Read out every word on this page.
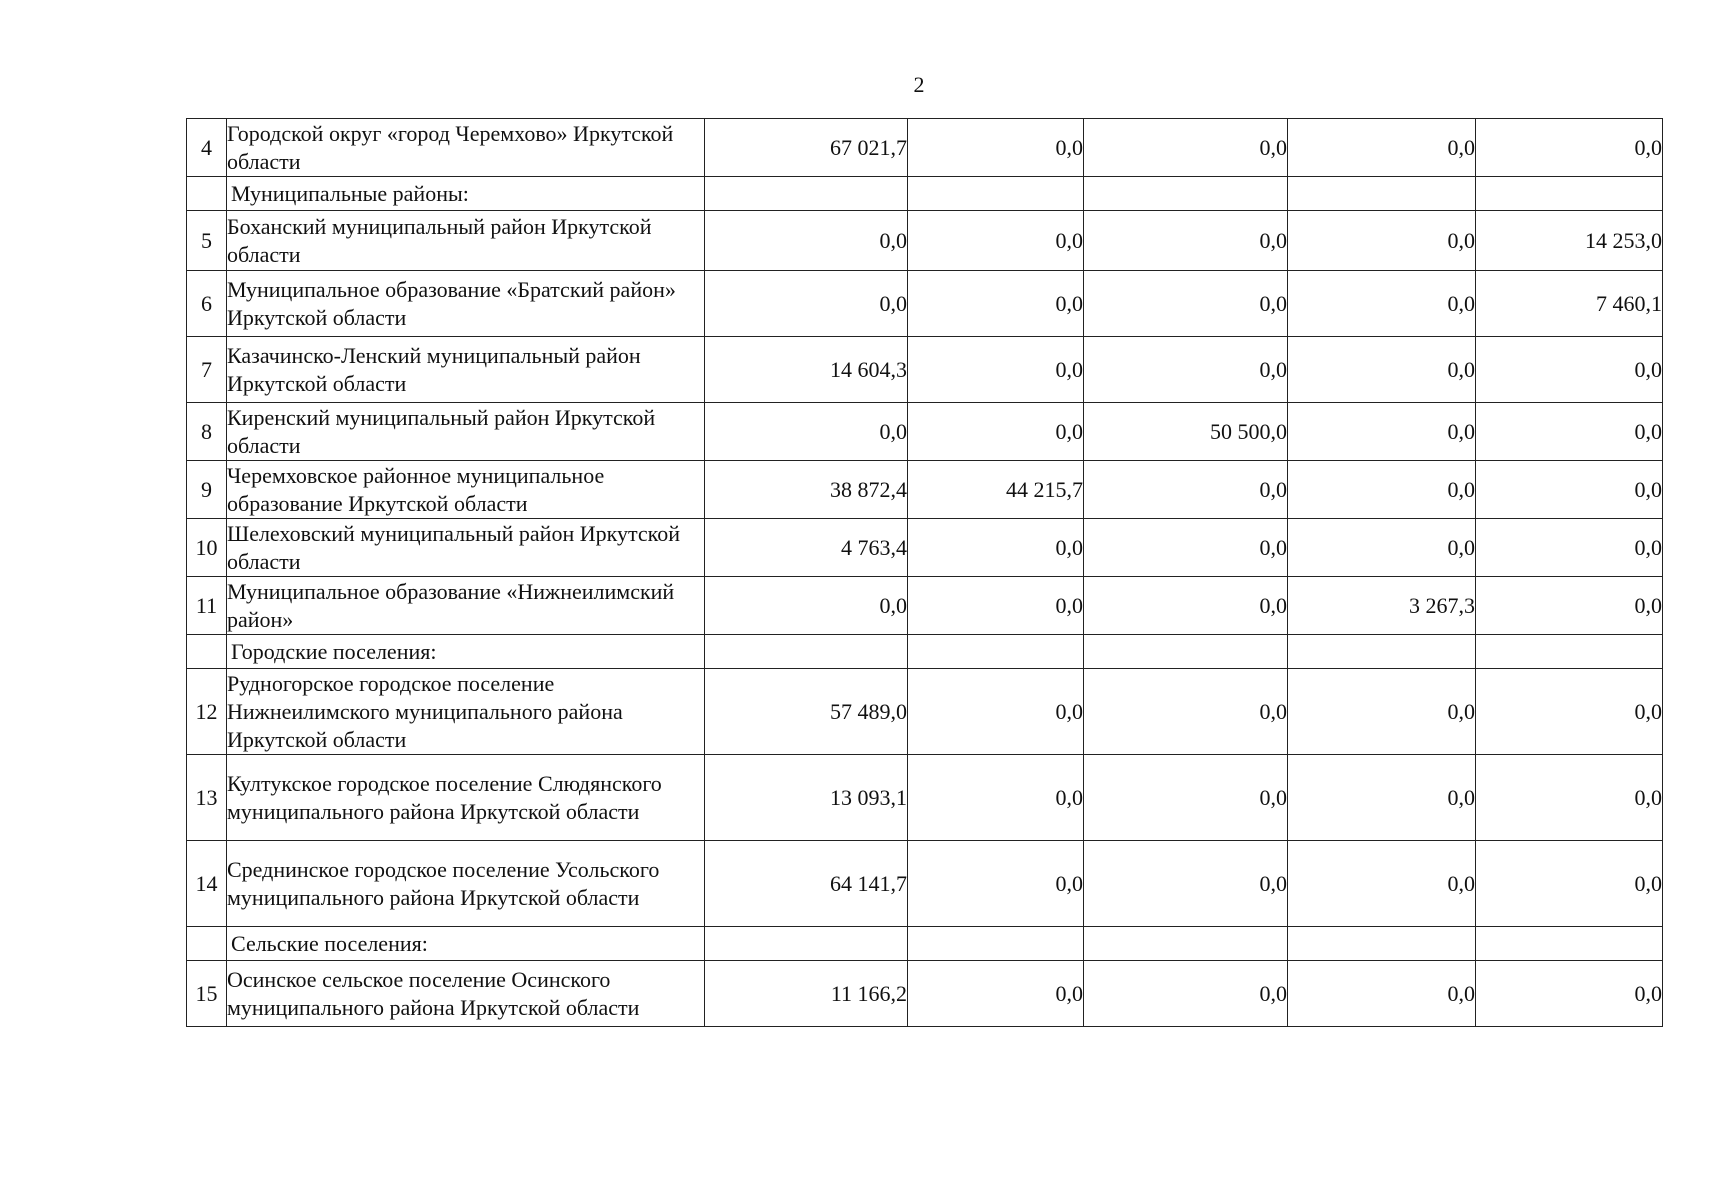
2
4	Городской округ «город Черемхово» Иркутской области	67 021,7	0,0	0,0	0,0	0,0
	Муниципальные районы:					
5	Боханский муниципальный район Иркутской области	0,0	0,0	0,0	0,0	14 253,0
6	Муниципальное образование «Братский район» Иркутской области	0,0	0,0	0,0	0,0	7 460,1
7	Казачинско-Ленский муниципальный район Иркутской области	14 604,3	0,0	0,0	0,0	0,0
8	Киренский муниципальный район Иркутской области	0,0	0,0	50 500,0	0,0	0,0
9	Черемховское районное муниципальное образование Иркутской области	38 872,4	44 215,7	0,0	0,0	0,0
10	Шелеховский муниципальный район Иркутской области	4 763,4	0,0	0,0	0,0	0,0
11	Муниципальное образование «Нижнеилимский район»	0,0	0,0	0,0	3 267,3	0,0
	Городские поселения:					
12	Рудногорское городское поселение Нижнеилимского муниципального района Иркутской области	57 489,0	0,0	0,0	0,0	0,0
13	Култукское городское поселение Слюдянского муниципального района Иркутской области	13 093,1	0,0	0,0	0,0	0,0
14	Среднинское городское поселение Усольского муниципального района Иркутской области	64 141,7	0,0	0,0	0,0	0,0
	Сельские поселения:					
15	Осинское сельское поселение Осинского муниципального района Иркутской области	11 166,2	0,0	0,0	0,0	0,0
